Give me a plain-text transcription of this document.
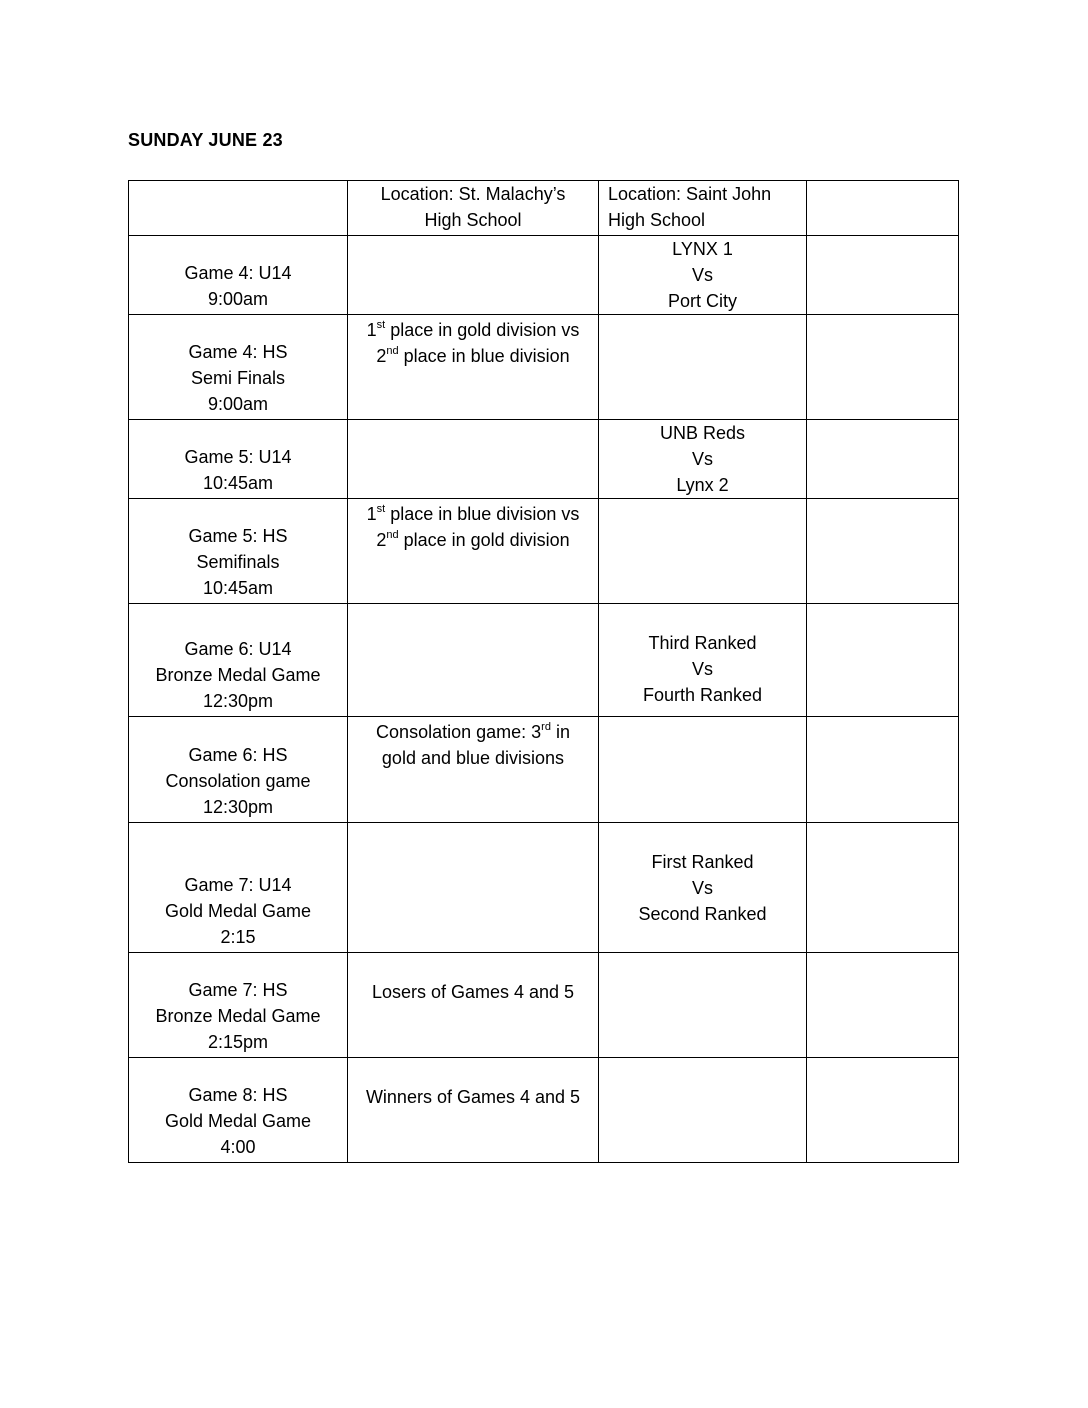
SUNDAY JUNE 23

	Location: St. Malachy’s
High School	Location: Saint John
High School	

Game 4: U14
9:00am		LYNX 1
Vs
Port City	

Game 4: HS
Semi Finals
9:00am	1st place in gold division vs
2nd place in blue division		

Game 5: U14
10:45am		UNB Reds
Vs
Lynx 2	

Game 5: HS
Semifinals
10:45am	1st place in blue division vs
2nd place in gold division		

Game 6: U14
Bronze Medal Game
12:30pm		Third Ranked
Vs
Fourth Ranked	

Game 6: HS
Consolation game
12:30pm	Consolation game: 3rd in
gold and blue divisions		

Game 7: U14
Gold Medal Game
2:15		First Ranked
Vs
Second Ranked	

Game 7: HS
Bronze Medal Game
2:15pm	Losers of Games 4 and 5		

Game 8: HS
Gold Medal Game
4:00	Winners of Games 4 and 5		
